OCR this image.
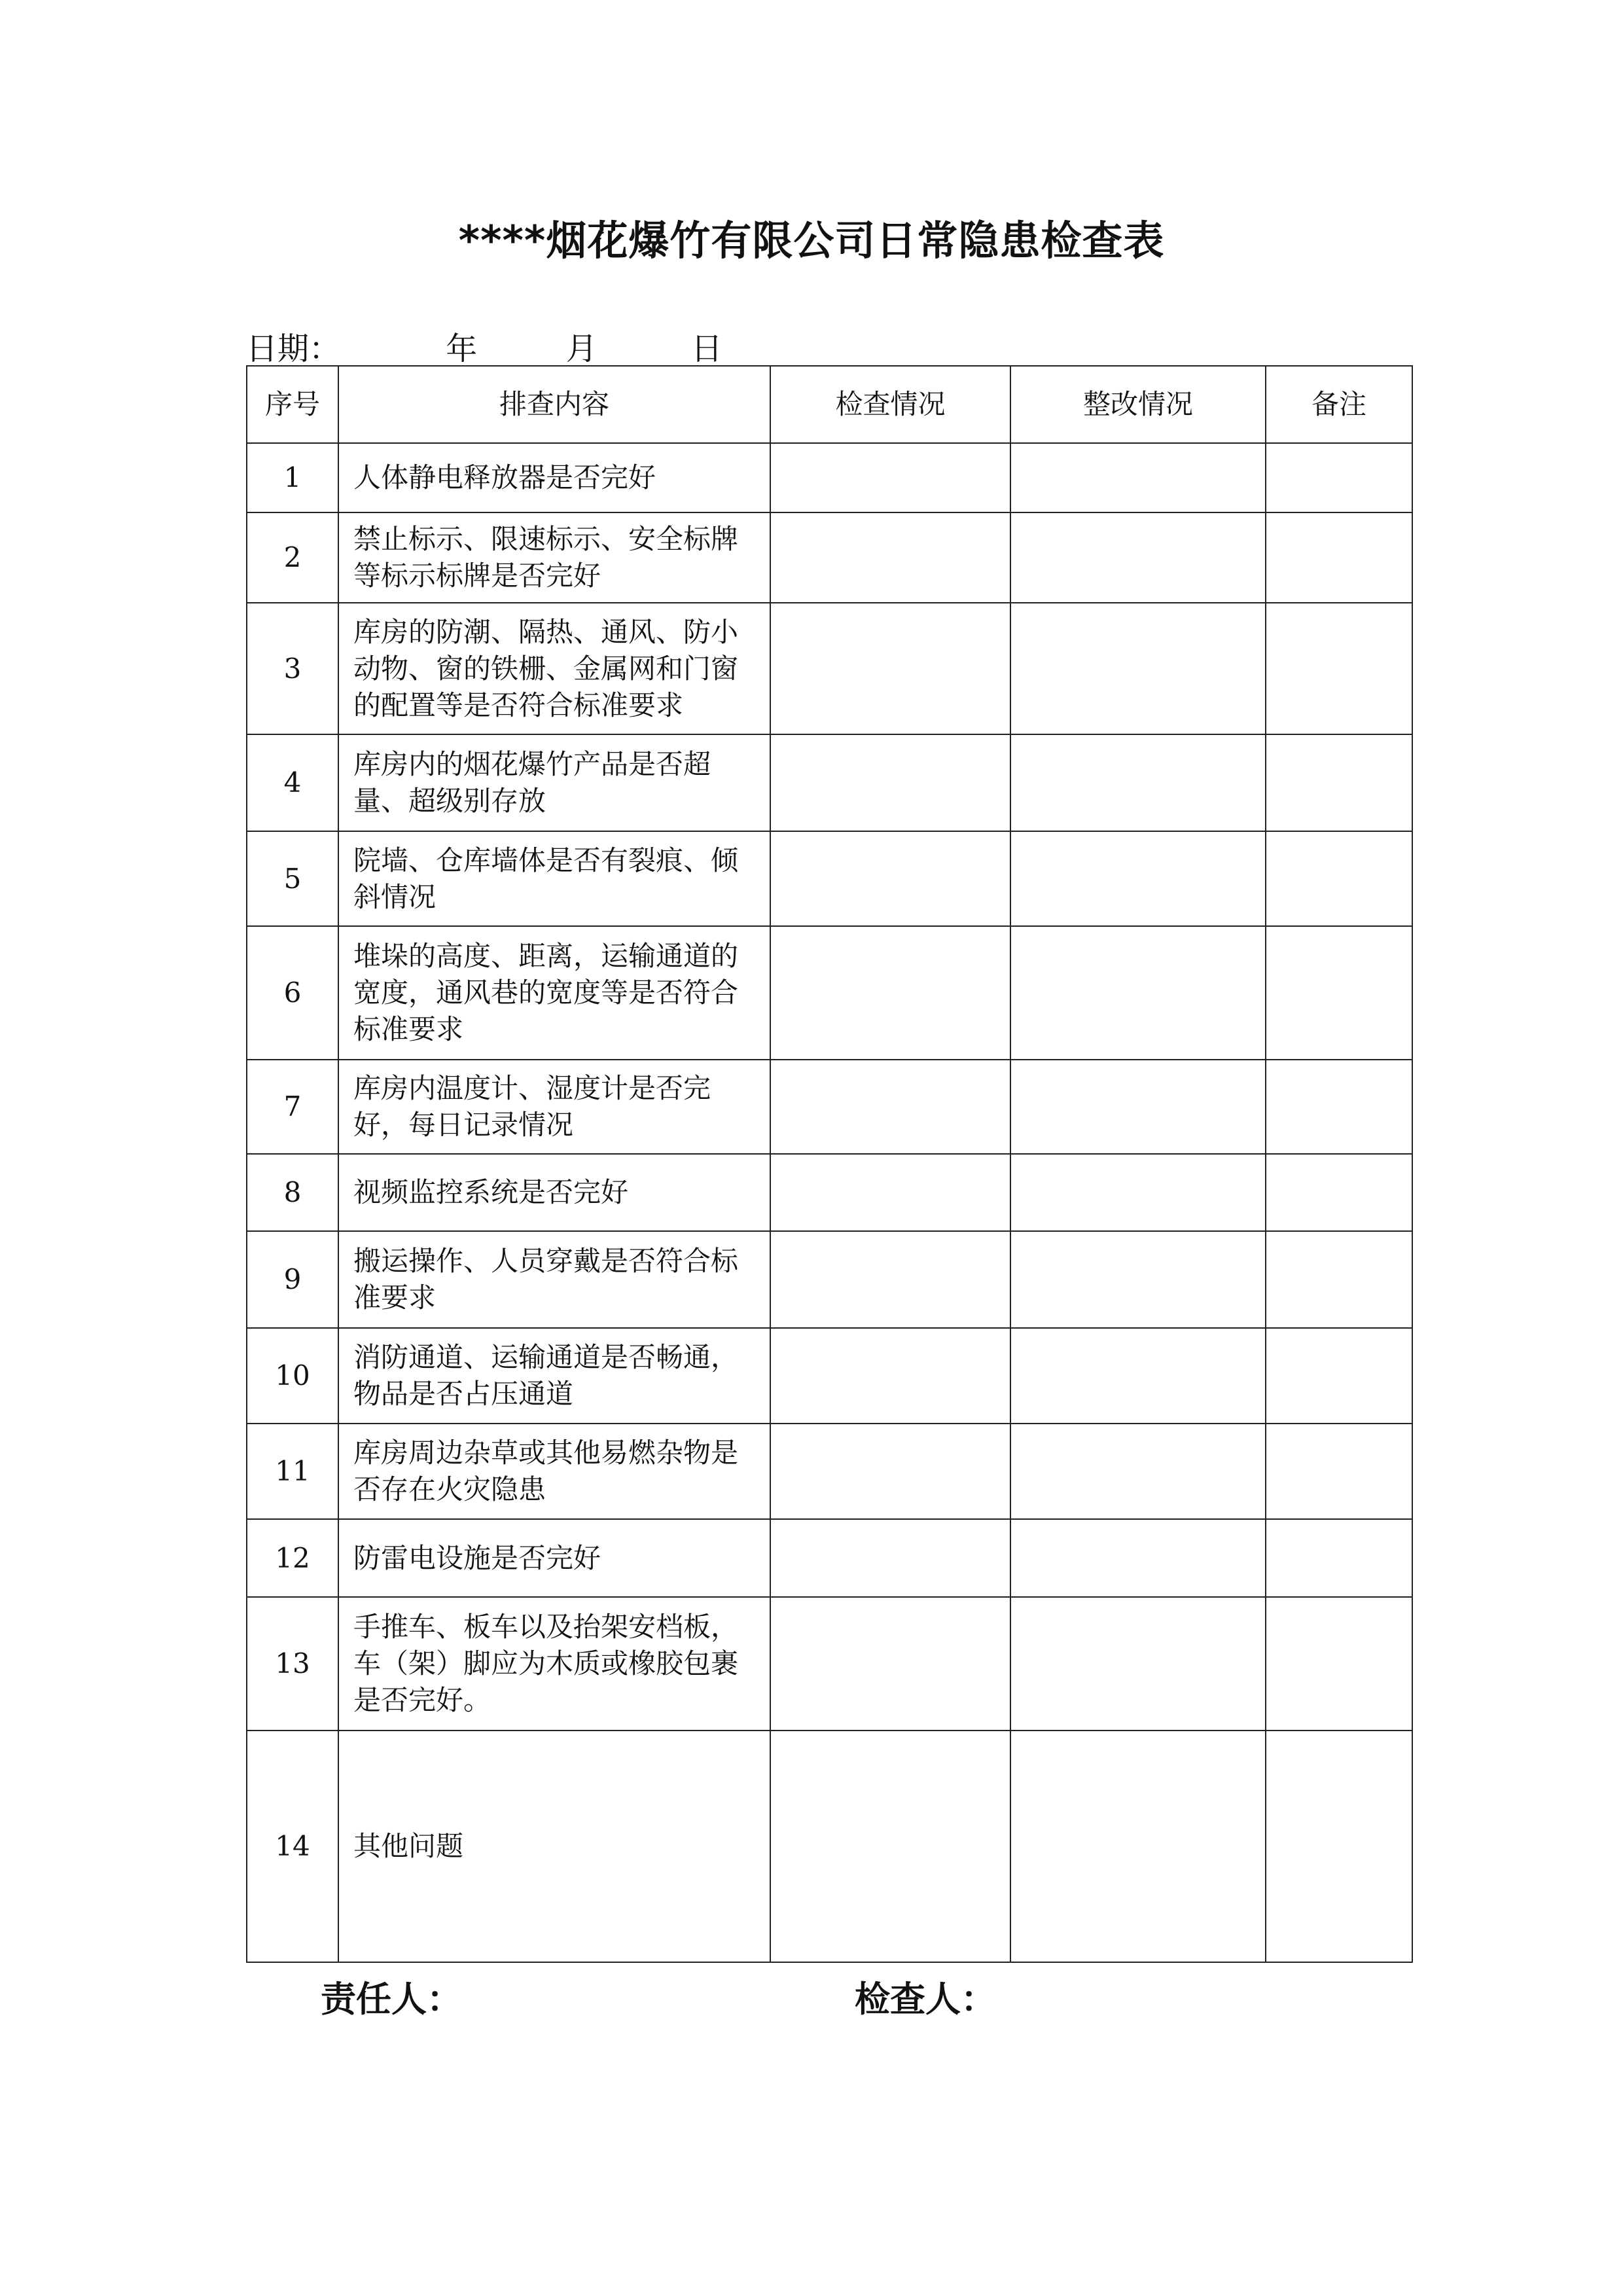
****烟花爆竹有限公司日常隐患检查表
日期：	年	月	日
序号	排查内容	检查情况	整改情况	备注
1	人体静电释放器是否完好			
2	禁止标示、限速标示、安全标牌等标示标牌是否完好			
3	库房的防潮、隔热、通风、防小动物、窗的铁栅、金属网和门窗的配置等是否符合标准要求			
4	库房内的烟花爆竹产品是否超量、超级别存放			
5	院墙、仓库墙体是否有裂痕、倾斜情况			
6	堆垛的高度、距离，运输通道的宽度，通风巷的宽度等是否符合标准要求			
7	库房内温度计、湿度计是否完好，每日记录情况			
8	视频监控系统是否完好			
9	搬运操作、人员穿戴是否符合标准要求			
10	消防通道、运输通道是否畅通，物品是否占压通道			
11	库房周边杂草或其他易燃杂物是否存在火灾隐患			
12	防雷电设施是否完好			
13	手推车、板车以及抬架安档板，车（架）脚应为木质或橡胶包裹是否完好。			
14	其他问题			
责任人：	检查人：
